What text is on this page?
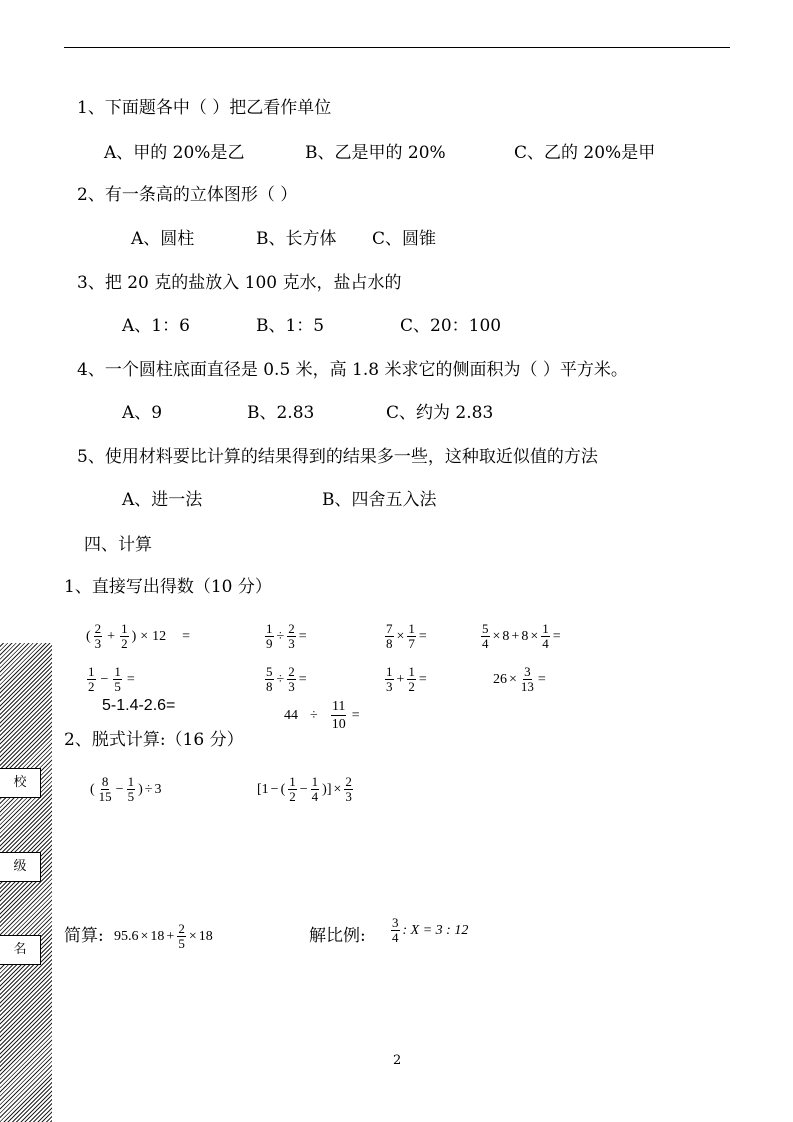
1、下面题各中（ ）把乙看作单位
A、甲的 20%是乙	B、乙是甲的 20%	C、乙的 20%是甲
2、有一条高的立体图形（ ）
A、圆柱	B、长方体 C、圆锥
3、把 20 克的盐放入 100 克水，盐占水的
A、1：6	B、1：5	C、20：100
4、一个圆柱底面直径是 0.5 米，高 1.8 米求它的侧面积为（ ）平方米。
A、9	B、2.83	C、约为 2.83
5、使用材料要比计算的结果得到的结果多一些，这种取近似值的方法
A、进一法	B、四舍五入法
四、计算
1、直接写出得数（10 分）
( $\frac{2}{3} + \frac{1}{2}$ ) × 12 =	$\frac{1}{9} \div \frac{2}{3}$ =	$\frac{7}{8} \times \frac{1}{7}$ =	$\frac{5}{4} \times 8 + 8 \times \frac{1}{4}$ =
$\frac{1}{2} - \frac{1}{5}$ =	$\frac{5}{8} \div \frac{2}{3}$ =	$\frac{1}{3} + \frac{1}{2}$ =	$26 \times \frac{3}{13}$ =
5-1.4-2.6=
$44 \div \frac{11}{10}$ =
2、脱式计算:（16 分）
( $\frac{8}{15} - \frac{1}{5}$ ) ÷ 3	[1 − ( $\frac{1}{2} - \frac{1}{4}$ )] × $\frac{2}{3}$
简算: $95.6 \times 18 + \frac{2}{5} \times 18$	解比例: $\frac{3}{4}$ : X = 3 : 12
校
级
名
2
